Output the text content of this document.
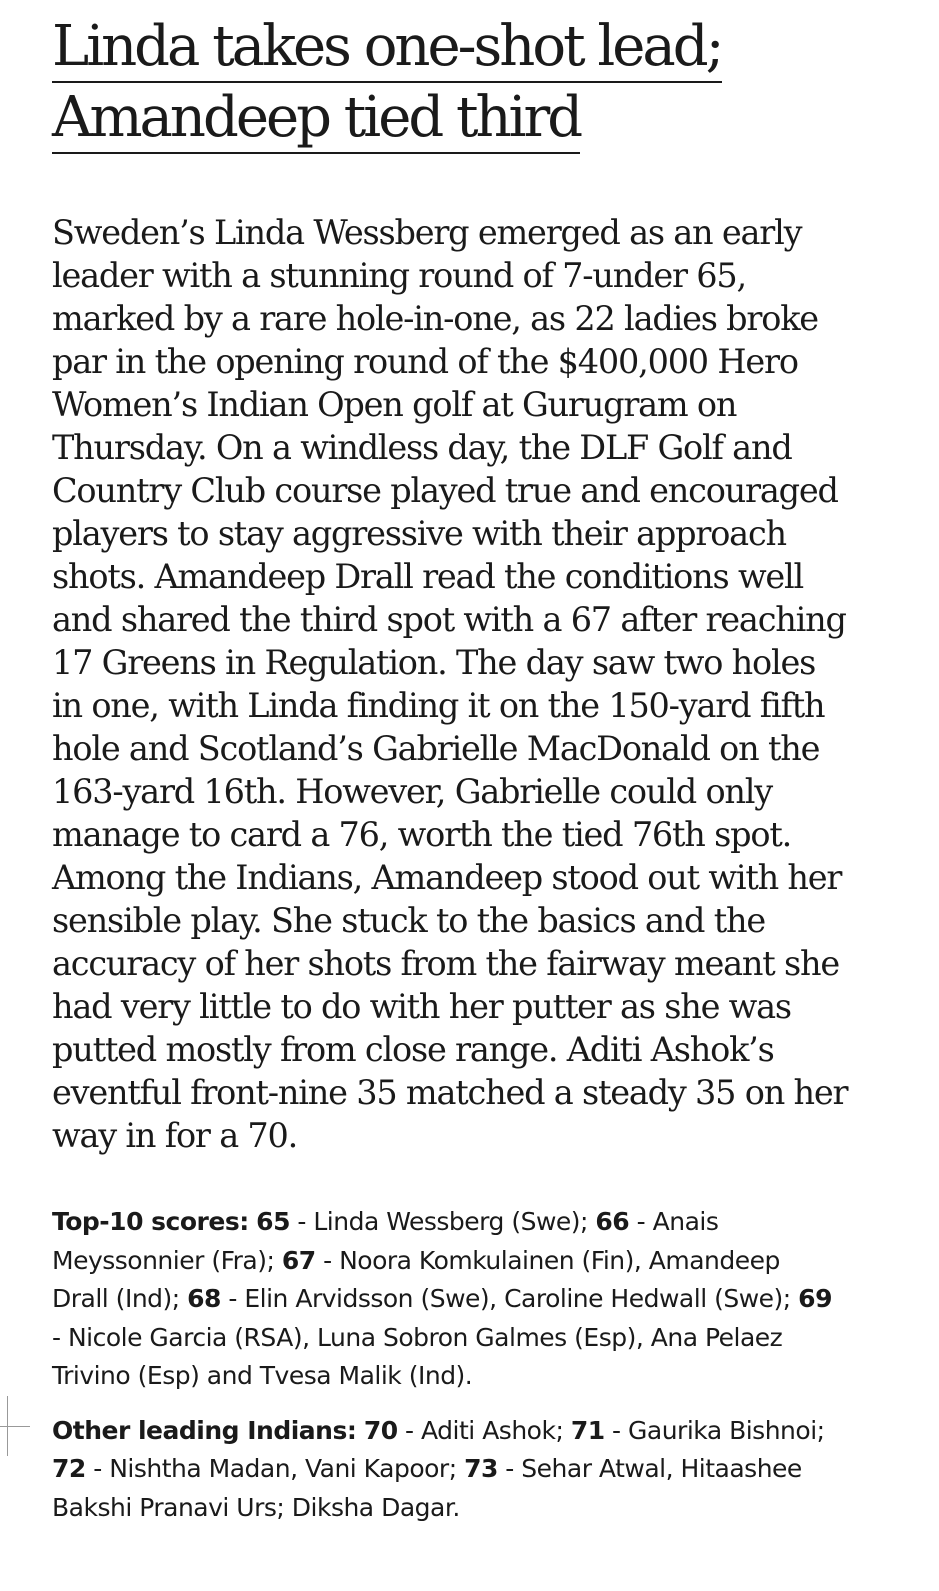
Linda takes one-shot lead;
Amandeep tied third

Sweden’s Linda Wessberg emerged as an early leader with a stunning round of 7-under 65, marked by a rare hole-in-one, as 22 ladies broke par in the opening round of the $400,000 Hero Women’s Indian Open golf at Gurugram on Thursday. On a windless day, the DLF Golf and Country Club course played true and encouraged players to stay aggressive with their approach shots. Amandeep Drall read the conditions well and shared the third spot with a 67 after reaching 17 Greens in Regulation. The day saw two holes in one, with Linda finding it on the 150-yard fifth hole and Scotland’s Gabrielle MacDonald on the 163-yard 16th. However, Gabrielle could only manage to card a 76, worth the tied 76th spot. Among the Indians, Amandeep stood out with her sensible play. She stuck to the basics and the accuracy of her shots from the fairway meant she had very little to do with her putter as she was putted mostly from close range. Aditi Ashok’s eventful front-nine 35 matched a steady 35 on her way in for a 70.

Top-10 scores: 65 - Linda Wessberg (Swe); 66 - Anais Meyssonnier (Fra); 67 - Noora Komkulainen (Fin), Amandeep Drall (Ind); 68 - Elin Arvidsson (Swe), Caroline Hedwall (Swe); 69 - Nicole Garcia (RSA), Luna Sobron Galmes (Esp), Ana Pelaez Trivino (Esp) and Tvesa Malik (Ind).

Other leading Indians: 70 - Aditi Ashok; 71 - Gaurika Bishnoi; 72 - Nishtha Madan, Vani Kapoor; 73 - Sehar Atwal, Hitaashee Bakshi Pranavi Urs; Diksha Dagar.
